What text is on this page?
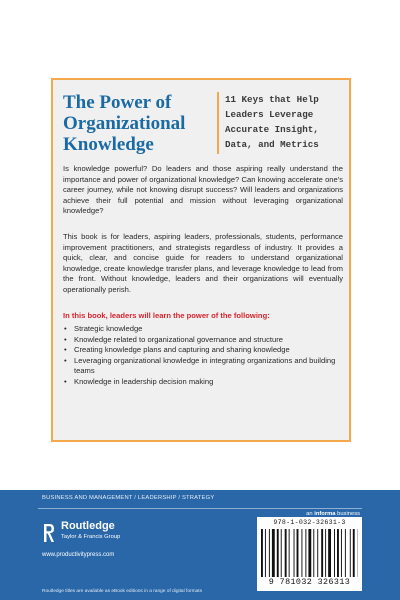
The Power of
Organizational
Knowledge
11 Keys that Help
Leaders Leverage
Accurate Insight,
Data, and Metrics
Is knowledge powerful? Do leaders and those aspiring really understand the importance and power of organizational knowledge? Can knowing accelerate one's career journey, while not knowing disrupt success? Will leaders and organizations achieve their full potential and mission without leveraging organizational knowledge?
This book is for leaders, aspiring leaders, professionals, students, performance improvement practitioners, and strategists regardless of industry. It provides a quick, clear, and concise guide for readers to understand organizational knowledge, create knowledge transfer plans, and leverage knowledge to lead from the front. Without knowledge, leaders and their organizations will eventually operationally perish.
In this book, leaders will learn the power of the following:
• Strategic knowledge
• Knowledge related to organizational governance and structure
• Creating knowledge plans and capturing and sharing knowledge
• Leveraging organizational knowledge in integrating organizations and building teams
• Knowledge in leadership decision making
BUSINESS AND MANAGEMENT / LEADERSHIP / STRATEGY
an informa business
Routledge
Taylor & Francis Group
www.productivitypress.com
Routledge titles are available as eBook editions in a range of digital formats
978-1-032-32631-3
9 781032 326313
